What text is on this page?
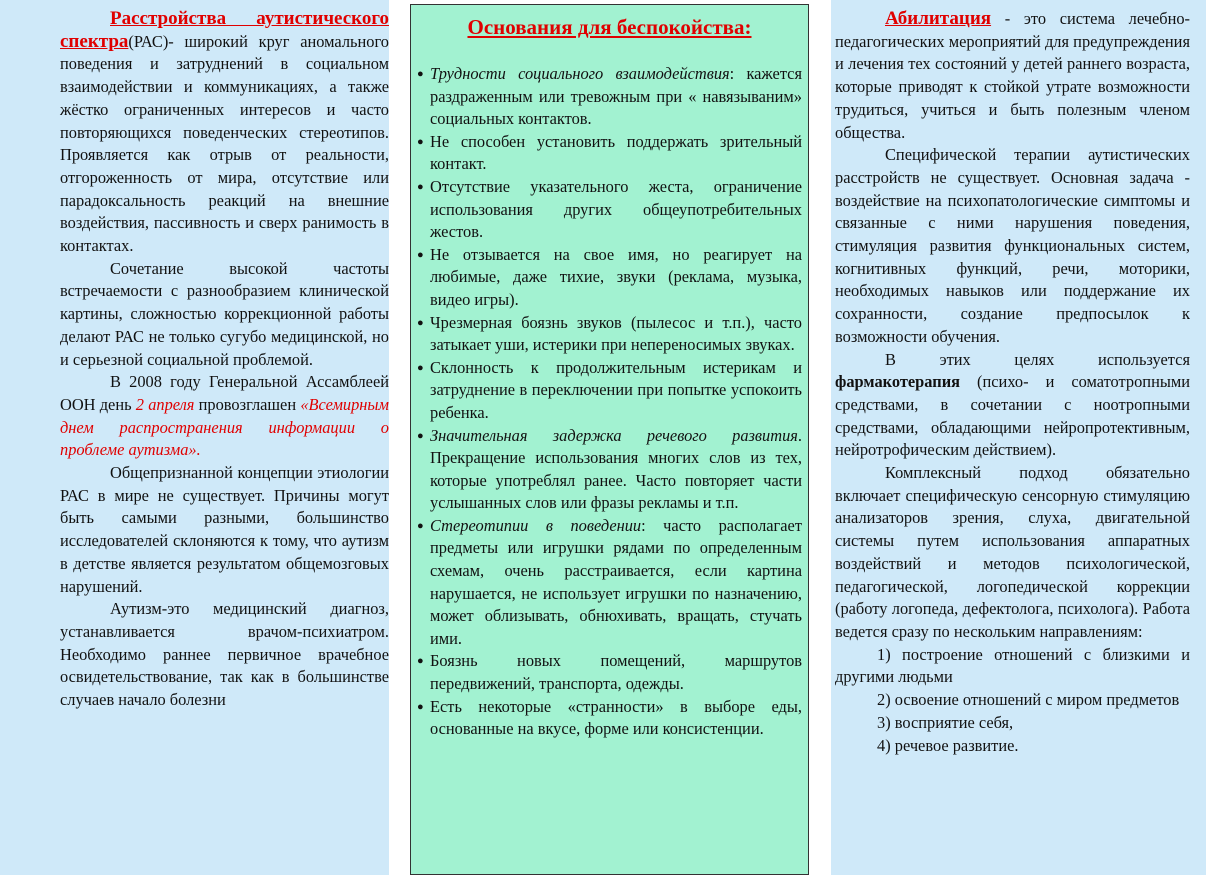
Расстройства аутистического спектра(РАС)- широкий круг аномального поведения и затруднений в социальном взаимодействии и коммуникациях, а также жёстко ограниченных интересов и часто повторяющихся поведенческих стереотипов. Проявляется как отрыв от реальности, отгороженность от мира, отсутствие или парадоксальность реакций на внешние воздействия, пассивность и сверх ранимость в контактах.

Сочетание высокой частоты встречаемости с разнообразием клинической картины, сложностью коррекционной работы делают РАС не только сугубо медицинской, но и серьезной социальной проблемой.

В 2008 году Генеральной Ассамблеей ООН день 2 апреля провозглашен «Всемирным днем распространения информации о проблеме аутизма».

Общепризнанной концепции этиологии РАС в мире не существует. Причины могут быть самыми разными, большинство исследователей склоняются к тому, что аутизм в детстве является результатом общемозговых нарушений.

Аутизм-это медицинский диагноз, устанавливается врачом-психиатром. Необходимо раннее первичное врачебное освидетельствование, так как в большинстве случаев начало болезни

Основания для беспокойства:
● Трудности социального взаимодействия: кажется раздраженным или тревожным при « навязываним» социальных контактов.
● Не способен установить поддержать зрительный контакт.
● Отсутствие указательного жеста, ограничение использования других общеупотребительных жестов.
● Не отзывается на свое имя, но реагирует на любимые, даже тихие, звуки (реклама, музыка, видео игры).
● Чрезмерная боязнь звуков (пылесос и т.п.), часто затыкает уши, истерики при непереносимых звуках.
● Склонность к продолжительным истерикам и затруднение в переключении при попытке успокоить ребенка.
● Значительная задержка речевого развития. Прекращение использования многих слов из тех, которые употреблял ранее. Часто повторяет части услышанных слов или фразы рекламы и т.п.
● Стереотипии в поведении: часто располагает предметы или игрушки рядами по определенным схемам, очень расстраивается, если картина нарушается, не использует игрушки по назначению, может облизывать, обнюхивать, вращать, стучать ими.
● Боязнь новых помещений, маршрутов передвижений, транспорта, одежды.
● Есть некоторые «странности» в выборе еды, основанные на вкусе, форме или консистенции.

Абилитация - это система лечебно-педагогических мероприятий для предупреждения и лечения тех состояний у детей раннего возраста, которые приводят к стойкой утрате возможности трудиться, учиться и быть полезным членом общества.

Специфической терапии аутистических расстройств не существует. Основная задача - воздействие на психопатологические симптомы и связанные с ними нарушения поведения, стимуляция развития функциональных систем, когнитивных функций, речи, моторики, необходимых навыков или поддержание их сохранности, создание предпосылок к возможности обучения.

В этих целях используется фармакотерапия (психо- и соматотропными средствами, в сочетании с ноотропными средствами, обладающими нейропротективным, нейротрофическим действием).

Комплексный подход обязательно включает специфическую сенсорную стимуляцию анализаторов зрения, слуха, двигательной системы путем использования аппаратных воздействий и методов психологической, педагогической, логопедической коррекции (работу логопеда, дефектолога, психолога). Работа ведется сразу по нескольким направлениям:

1) построение отношений с близкими и другими людьми

2) освоение отношений с миром предметов

3) восприятие себя,

4) речевое развитие.
